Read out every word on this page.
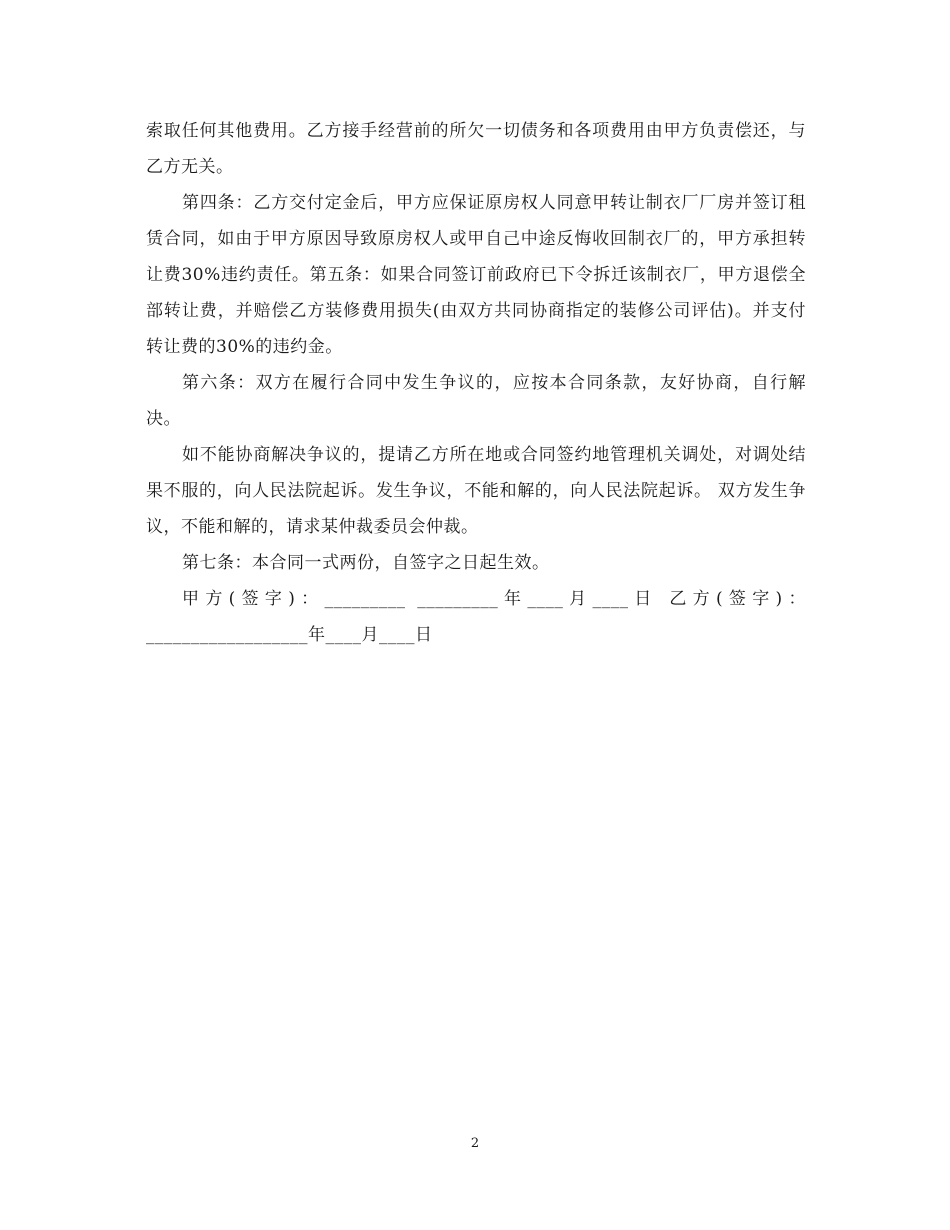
索取任何其他费用。乙方接手经营前的所欠一切债务和各项费用由甲方负责偿还，与乙方无关。

第四条：乙方交付定金后，甲方应保证原房权人同意甲转让制衣厂厂房并签订租赁合同，如由于甲方原因导致原房权人或甲自己中途反悔收回制衣厂的，甲方承担转让费30%违约责任。第五条：如果合同签订前政府已下令拆迁该制衣厂，甲方退偿全部转让费，并赔偿乙方装修费用损失(由双方共同协商指定的装修公司评估)。并支付转让费的30%的违约金。

第六条：双方在履行合同中发生争议的，应按本合同条款，友好协商，自行解决。

如不能协商解决争议的，提请乙方所在地或合同签约地管理机关调处，对调处结果不服的，向人民法院起诉。发生争议，不能和解的，向人民法院起诉。 双方发生争议，不能和解的，请求某仲裁委员会仲裁。

第七条：本合同一式两份，自签字之日起生效。

甲方(签字)：_________ _________年____月____日 乙方(签字)：__________________年____月____日

2
